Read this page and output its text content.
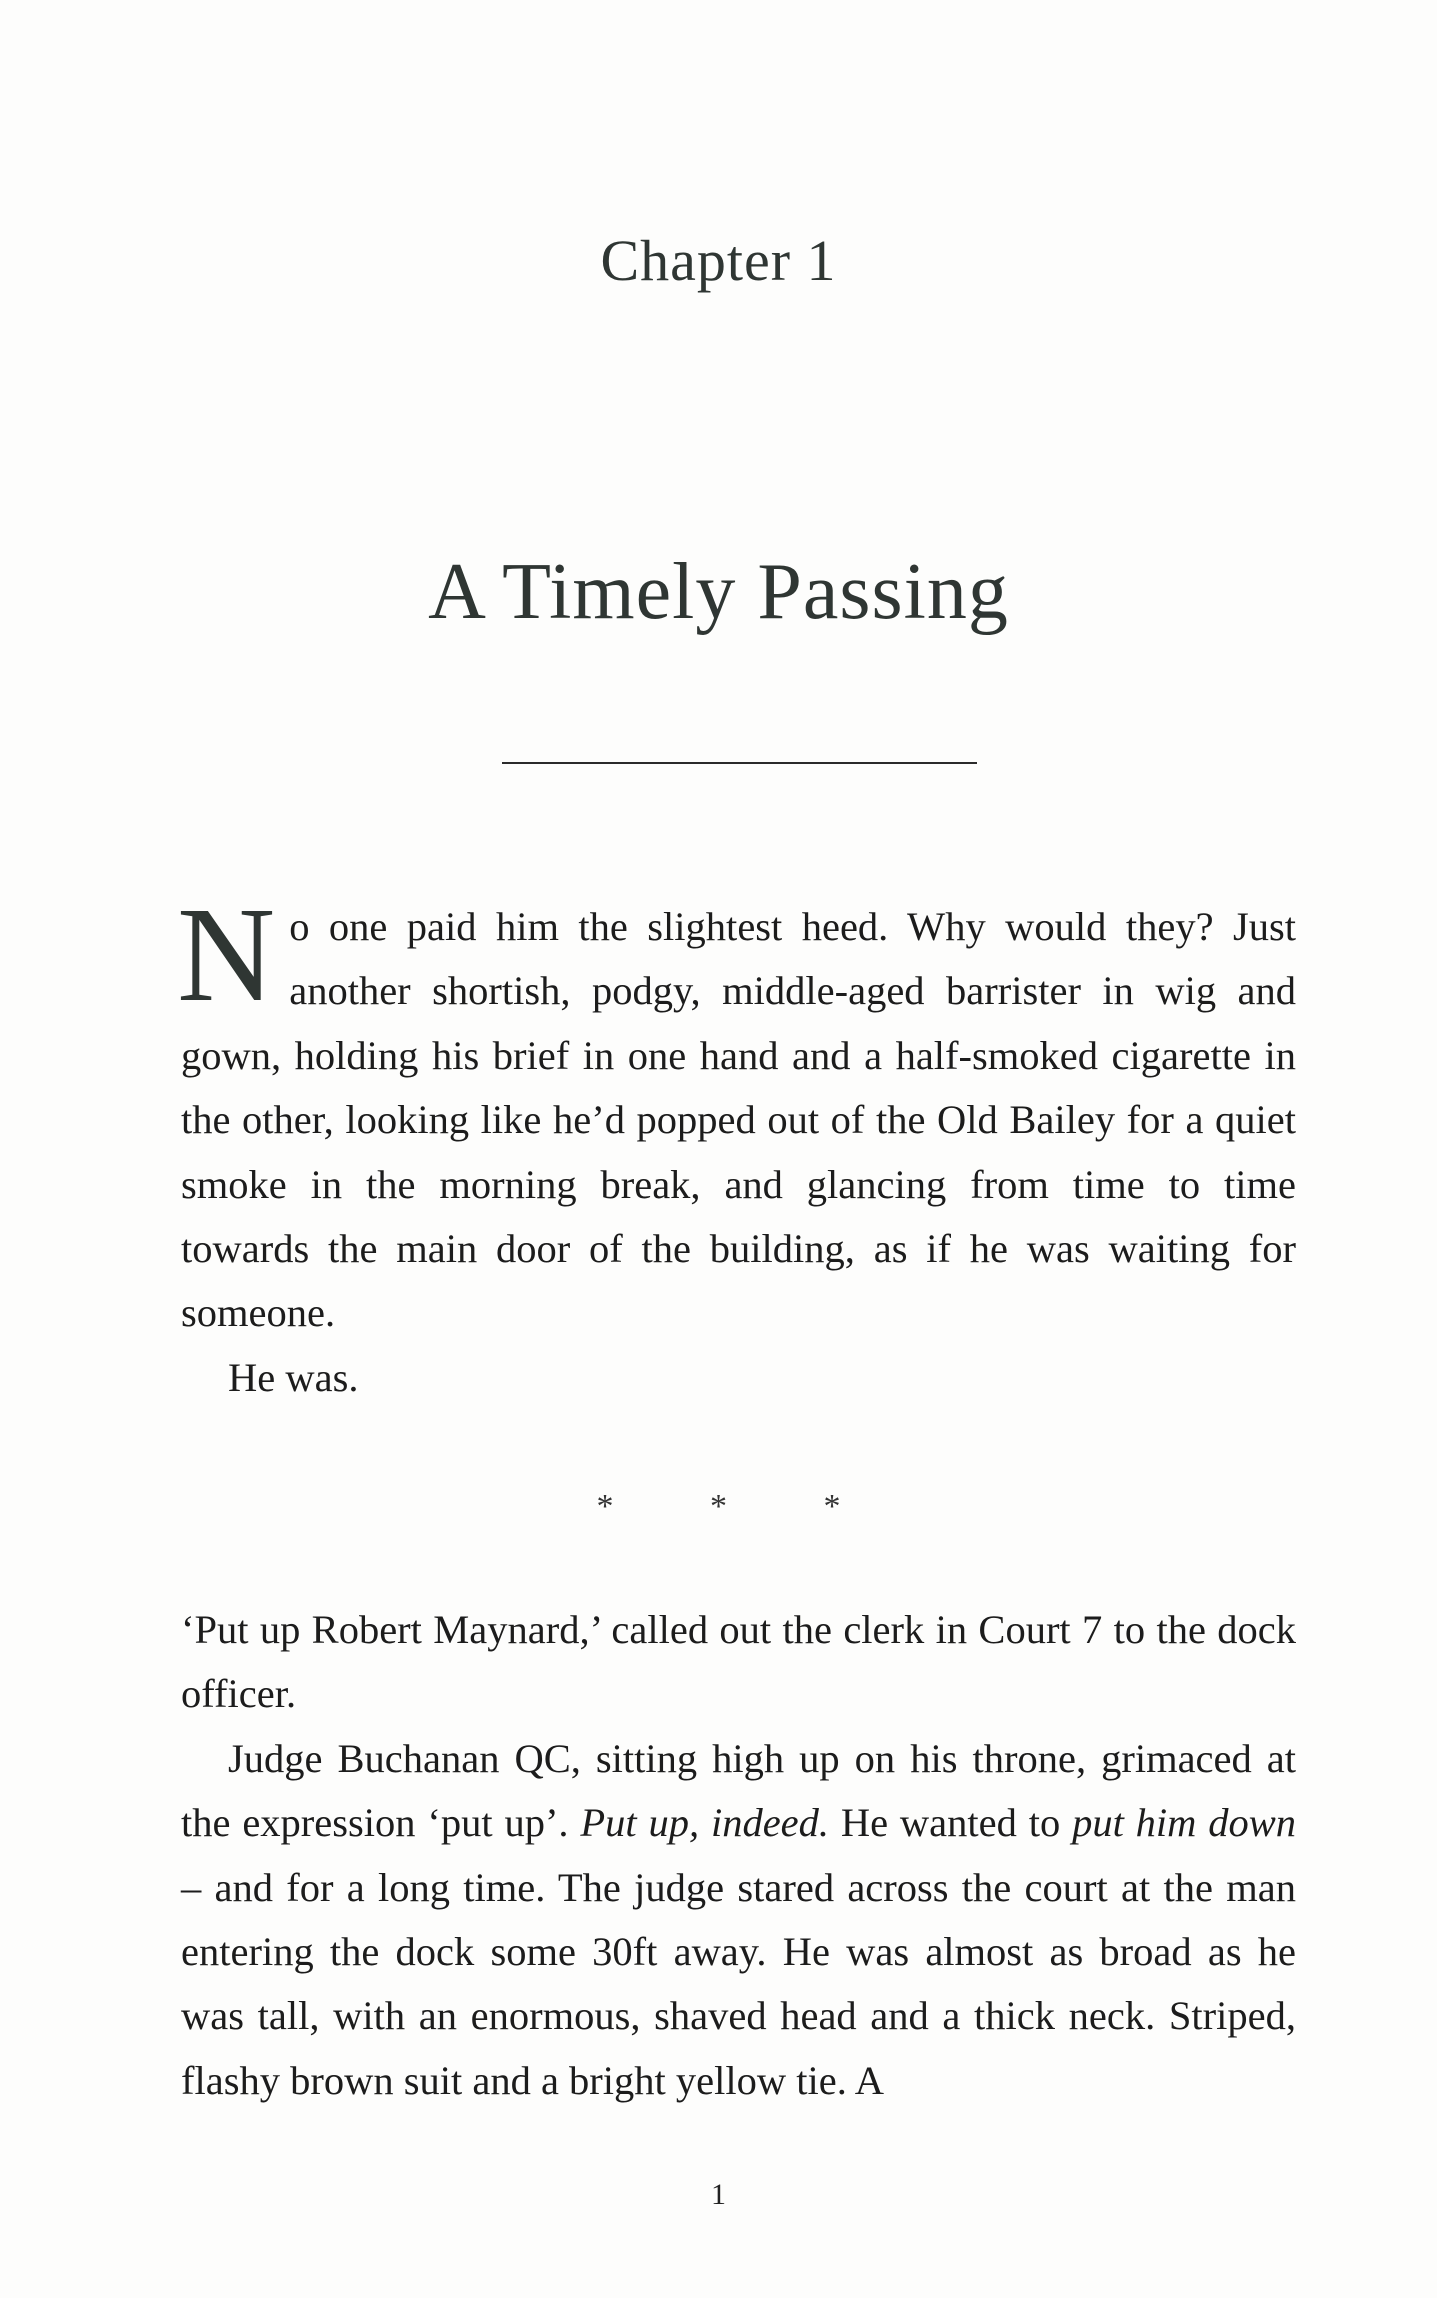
Chapter 1
A Timely Passing

No one paid him the slightest heed. Why would they? Just another shortish, podgy, middle-aged barrister in wig and gown, holding his brief in one hand and a half-smoked cigarette in the other, looking like he’d popped out of the Old Bailey for a quiet smoke in the morning break, and glancing from time to time towards the main door of the building, as if he was waiting for someone.

He was.

* * *

‘Put up Robert Maynard,’ called out the clerk in Court 7 to the dock officer.

Judge Buchanan QC, sitting high up on his throne, grimaced at the expression ‘put up’. Put up, indeed. He wanted to put him down – and for a long time. The judge stared across the court at the man entering the dock some 30ft away. He was almost as broad as he was tall, with an enormous, shaved head and a thick neck. Striped, flashy brown suit and a bright yellow tie. A

1
